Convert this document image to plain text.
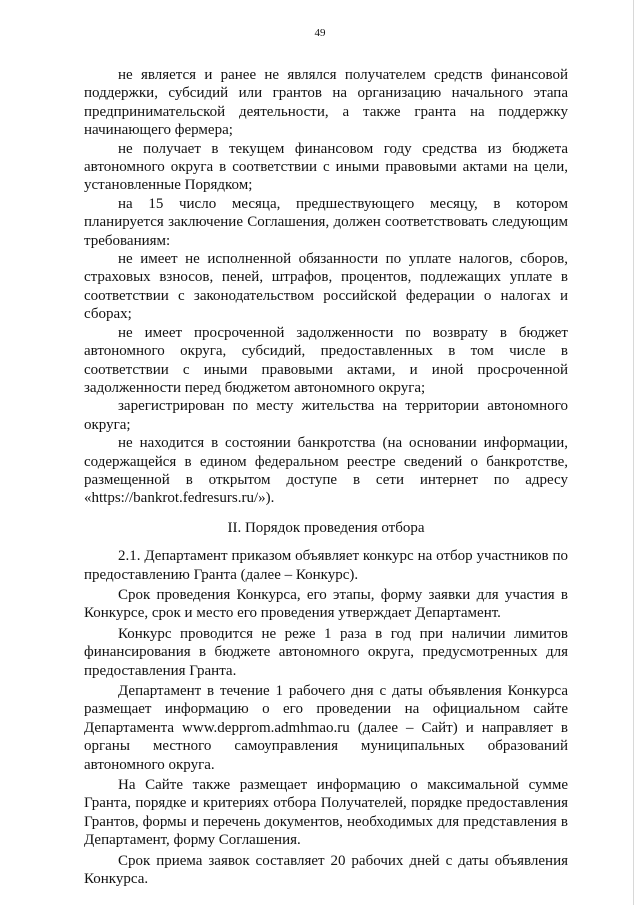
49

не является и ранее не являлся получателем средств финансовой поддержки, субсидий или грантов на организацию начального этапа предпринимательской деятельности, а также гранта на поддержку начинающего фермера;

не получает в текущем финансовом году средства из бюджета автономного округа в соответствии с иными правовыми актами на цели, установленные Порядком;

на 15 число месяца, предшествующего месяцу, в котором планируется заключение Соглашения, должен соответствовать следующим требованиям:

не имеет не исполненной обязанности по уплате налогов, сборов, страховых взносов, пеней, штрафов, процентов, подлежащих уплате в соответствии с законодательством российской федерации о налогах и сборах;

не имеет просроченной задолженности по возврату в бюджет автономного округа, субсидий, предоставленных в том числе в соответствии с иными правовыми актами, и иной просроченной задолженности перед бюджетом автономного округа;

зарегистрирован по месту жительства на территории автономного округа;

не находится в состоянии банкротства (на основании информации, содержащейся в едином федеральном реестре сведений о банкротстве, размещенной в открытом доступе в сети интернет по адресу «https://bankrot.fedresurs.ru/»).

II. Порядок проведения отбора

2.1. Департамент приказом объявляет конкурс на отбор участников по предоставлению Гранта (далее – Конкурс).

Срок проведения Конкурса, его этапы, форму заявки для участия в Конкурсе, срок и место его проведения утверждает Департамент.

Конкурс проводится не реже 1 раза в год при наличии лимитов финансирования в бюджете автономного округа, предусмотренных для предоставления Гранта.

Департамент в течение 1 рабочего дня с даты объявления Конкурса размещает информацию о его проведении на официальном сайте Департамента www.depprom.admhmao.ru (далее – Сайт) и направляет в органы местного самоуправления муниципальных образований автономного округа.

На Сайте также размещает информацию о максимальной сумме Гранта, порядке и критериях отбора Получателей, порядке предоставления Грантов, формы и перечень документов, необходимых для представления в Департамент, форму Соглашения.

Срок приема заявок составляет 20 рабочих дней с даты объявления Конкурса.
